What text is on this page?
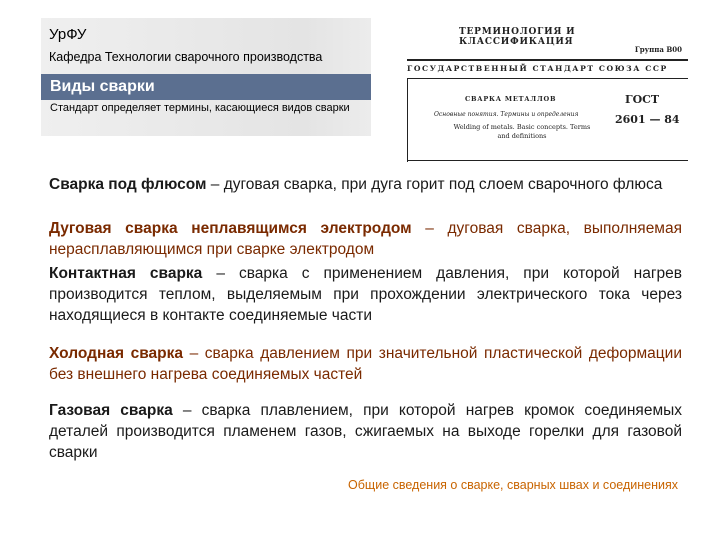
УрФУ
Кафедра Технологии сварочного производства
Виды сварки
Стандарт определяет термины, касающиеся видов сварки
ТЕРМИНОЛОГИЯ И КЛАССИФИКАЦИЯ
Группа В00
ГОСУДАРСТВЕННЫЙ СТАНДАРТ СОЮЗА ССР
СВАРКА МЕТАЛЛОВ
Основные понятия. Термины и определения
Welding of metals. Basic concepts. Terms and definitions
ГОСТ
2601 — 84
Сварка под флюсом – дуговая сварка, при дуга горит под слоем сварочного флюса
Дуговая сварка неплавящимся электродом – дуговая сварка, выполняемая нерасплавляющимся при сварке электродом
Контактная сварка – сварка с применением давления, при которой нагрев производится теплом, выделяемым при прохождении электрического тока через находящиеся в контакте соединяемые части
Холодная сварка – сварка давлением при значительной пластической деформации без внешнего нагрева соединяемых частей
Газовая сварка – сварка плавлением, при которой нагрев кромок соединяемых деталей производится пламенем газов, сжигаемых на выходе горелки для газовой сварки
Общие сведения о сварке, сварных швах и соединениях
